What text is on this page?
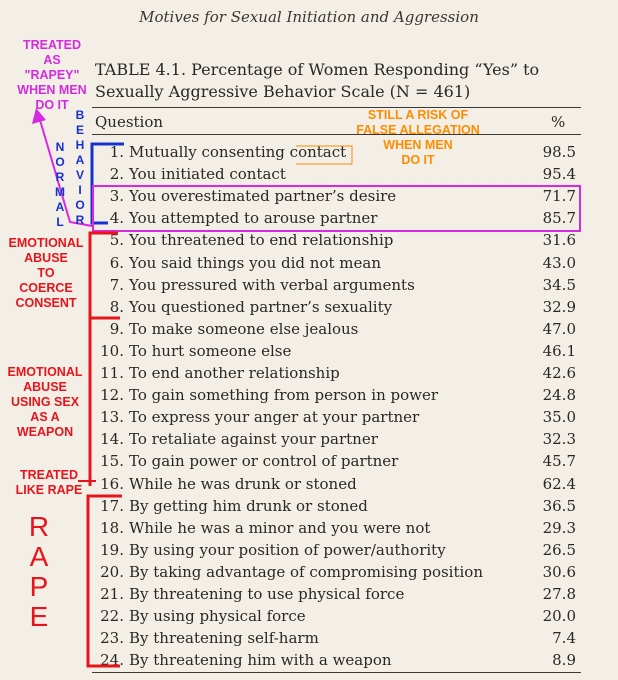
Motives for Sexual Initiation and Aggression
TABLE 4.1. Percentage of Women Responding “Yes” to
Sexually Aggressive Behavior Scale (N = 461)
Question	%
1. Mutually consenting contact	98.5
2. You initiated contact	95.4
3. You overestimated partner’s desire	71.7
4. You attempted to arouse partner	85.7
5. You threatened to end relationship	31.6
6. You said things you did not mean	43.0
7. You pressured with verbal arguments	34.5
8. You questioned partner’s sexuality	32.9
9. To make someone else jealous	47.0
10. To hurt someone else	46.1
11. To end another relationship	42.6
12. To gain something from person in power	24.8
13. To express your anger at your partner	35.0
14. To retaliate against your partner	32.3
15. To gain power or control of partner	45.7
16. While he was drunk or stoned	62.4
17. By getting him drunk or stoned	36.5
18. While he was a minor and you were not	29.3
19. By using your position of power/authority	26.5
20. By taking advantage of compromising position	30.6
21. By threatening to use physical force	27.8
22. By using physical force	20.0
23. By threatening self-harm	7.4
24. By threatening him with a weapon	8.9
TREATED
AS
"RAPEY"
WHEN MEN
DO IT
N
O
R
M
A
L
B
E
H
A
V
I
O
R
STILL A RISK OF
FALSE ALLEGATION
WHEN MEN
DO IT
EMOTIONAL
ABUSE
TO
COERCE
CONSENT
EMOTIONAL
ABUSE
USING SEX
AS A
WEAPON
TREATED
LIKE RAPE
R
A
P
E
